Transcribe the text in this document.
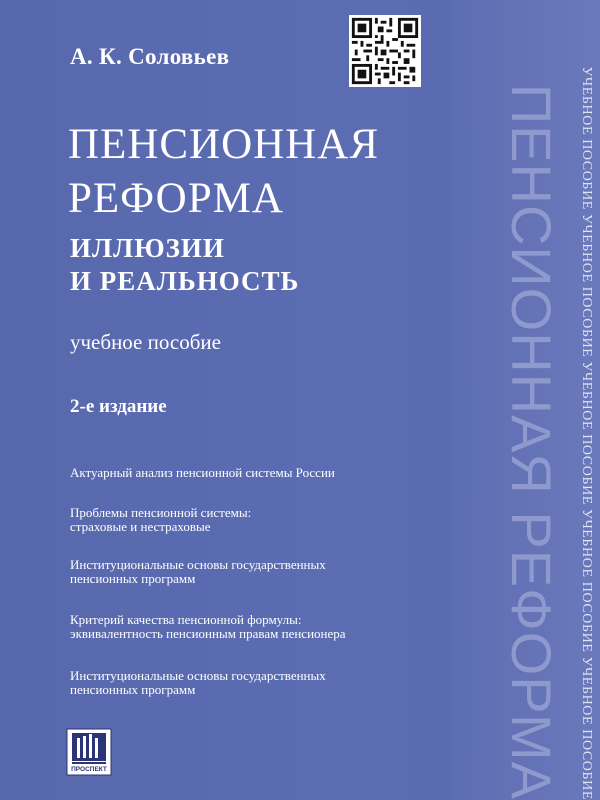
ПЕНСИОННАЯ РЕФОРМА УЧЕБНОЕ ПОСОБИЕ УЧЕБНОЕ ПОСОБИЕ УЧЕБНОЕ ПОСОБИЕ УЧЕБНОЕ ПОСОБИЕ УЧЕБНОЕ ПОСОБИЕ

А. К. Соловьев

ПЕНСИОННАЯ
РЕФОРМА
ИЛЛЮЗИИ
И РЕАЛЬНОСТЬ
учебное пособие
2-е издание
Актуарный анализ пенсионной системы России
Проблемы пенсионной системы:
страховые и нестраховые
Институциональные основы государственных
пенсионных программ
Критерий качества пенсионной формулы:
эквивалентность пенсионным правам пенсионера
Институциональные основы государственных
пенсионных программ
ПРОСПЕКТ
